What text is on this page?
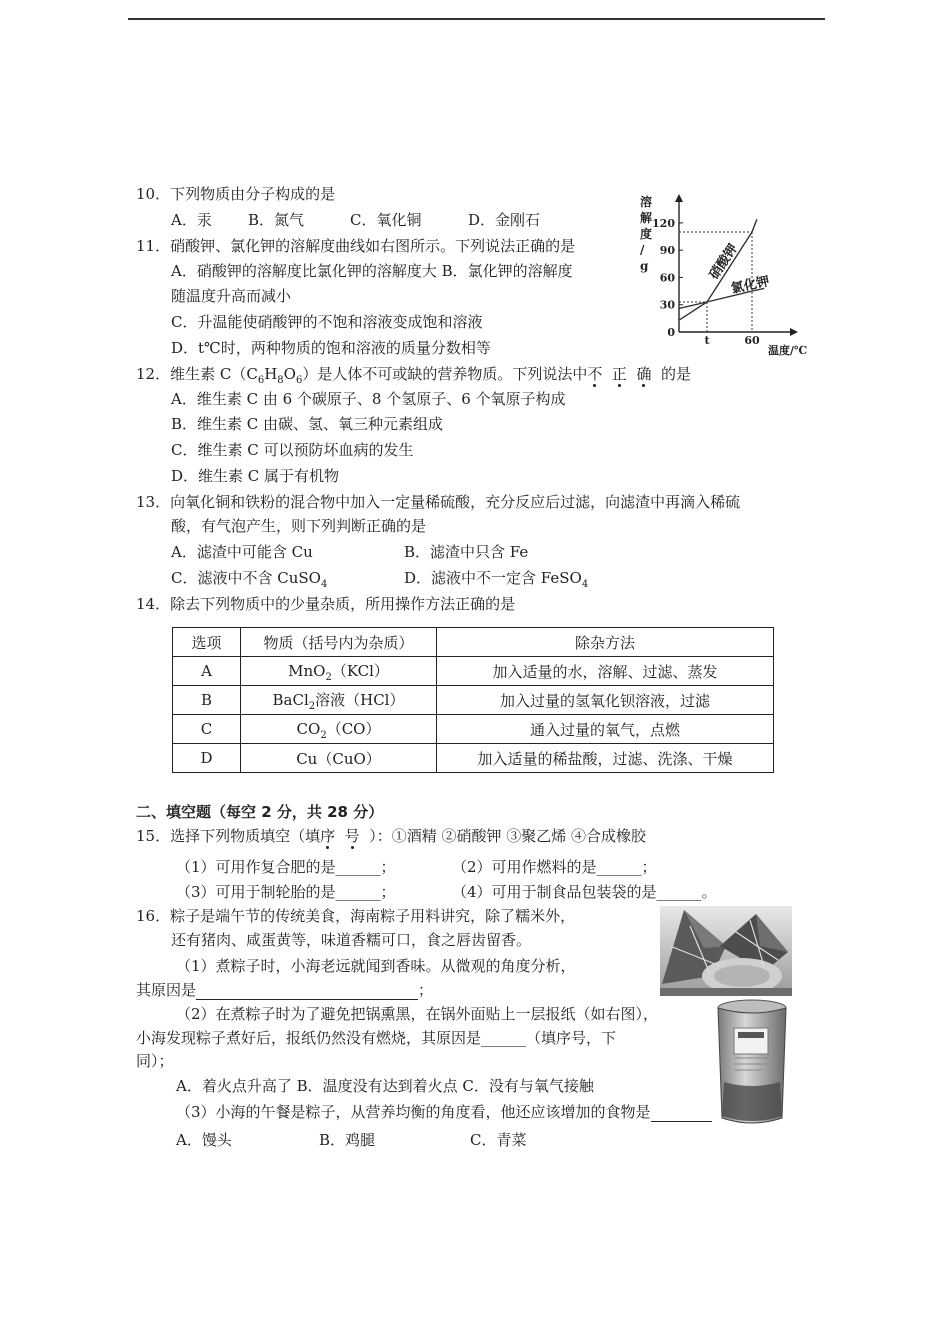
10．下列物质由分子构成的是
A．汞 B．氮气	C．氧化铜	D．金刚石
11．硝酸钾、氯化钾的溶解度曲线如右图所示。下列说法正确的是
A．硝酸钾的溶解度比氯化钾的溶解度大 B．氯化钾的溶解度
随温度升高而减小
C．升温能使硝酸钾的不饱和溶液变成饱和溶液
D．t℃时，两种物质的饱和溶液的质量分数相等
溶
解
度
/
g
0
30
60
90
120
硝酸钾
氯化钾
t	60
温度/℃
12．维生素 $C(C_6H_8O_6)$是人体不可或缺的营养物质。下列说法中不 正 确 的是
A．维生素 C 由 6 个碳原子、8 个氢原子、6 个氧原子构成
B．维生素 C 由碳、氢、氧三种元素组成
C．维生素 C 可以预防坏血病的发生
D．维生素 C 属于有机物
13．向氧化铜和铁粉的混合物中加入一定量稀硫酸，充分反应后过滤，向滤渣中再滴入稀硫
酸，有气泡产生，则下列判断正确的是
A．滤渣中可能含 Cu	B．滤渣中只含 Fe
C．滤液中不含 CuSO$_4$	D．滤液中不一定含 FeSO$_4$
14．除去下列物质中的少量杂质，所用操作方法正确的是
选项	物质（括号内为杂质）	除杂方法
A	MnO$_2$（KCl）	加入适量的水，溶解、过滤、蒸发
B	BaCl$_2$溶液（HCl）	加入过量的氢氧化钡溶液，过滤
C	$CO_2(CO)$	通入过量的氧气，点燃
D	Cu（CuO）	加入适量的稀盐酸，过滤、洗涤、干燥
二、填空题（每空 2 分，共 28 分）
15．选择下列物质填空（填序 号 ）：①酒精 ②硝酸钾 ③聚乙烯 ④合成橡胶
（1）可用作复合肥的是______；	（2）可用作燃料的是______；
（3）可用于制轮胎的是______；	（4）可用于制食品包装袋的是______。
16．粽子是端午节的传统美食，海南粽子用料讲究，除了糯米外，
还有猪肉、咸蛋黄等，味道香糯可口，食之唇齿留香。
（1）煮粽子时，小海老远就闻到香味。从微观的角度分析，
其原因是	；
（2）在煮粽子时为了避免把锅熏黑，在锅外面贴上一层报纸（如右图），
小海发现粽子煮好后，报纸仍然没有燃烧，其原因是______（填序号，下
同）；
A．着火点升高了 B．温度没有达到着火点 C．没有与氧气接触
（3）小海的午餐是粽子，从营养均衡的角度看，他还应该增加的食物是
A．馒头	B．鸡腿	C．青菜
